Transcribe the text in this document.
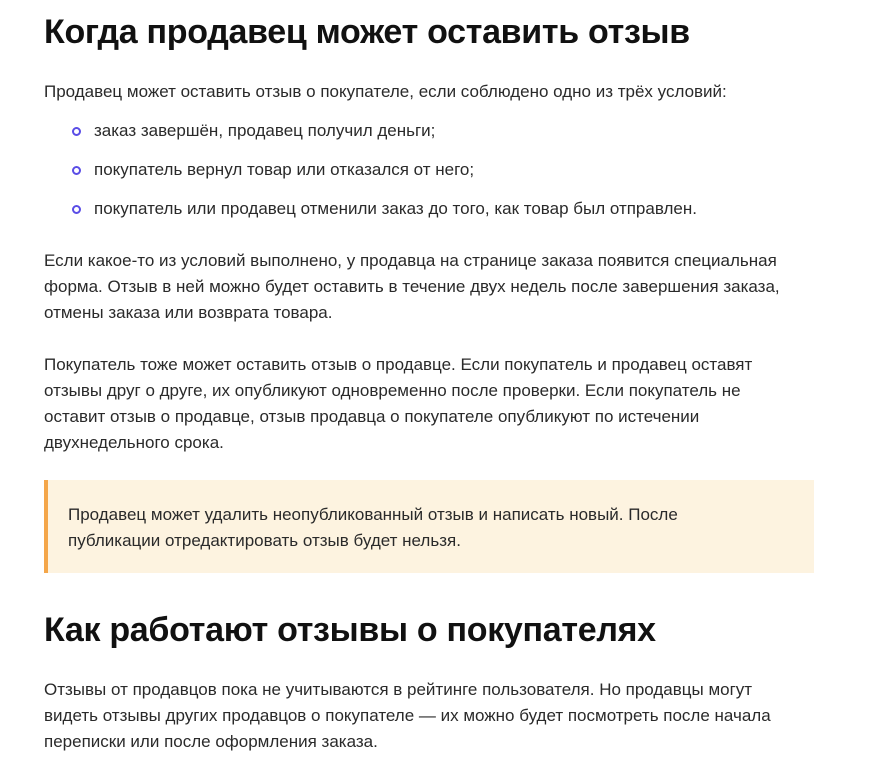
Когда продавец может оставить отзыв

Продавец может оставить отзыв о покупателе, если соблюдено одно из трёх условий:

заказ завершён, продавец получил деньги;
покупатель вернул товар или отказался от него;
покупатель или продавец отменили заказ до того, как товар был отправлен.

Если какое-то из условий выполнено, у продавца на странице заказа появится специальная форма. Отзыв в ней можно будет оставить в течение двух недель после завершения заказа, отмены заказа или возврата товара.

Покупатель тоже может оставить отзыв о продавце. Если покупатель и продавец оставят отзывы друг о друге, их опубликуют одновременно после проверки. Если покупатель не оставит отзыв о продавце, отзыв продавца о покупателе опубликуют по истечении двухнедельного срока.

Продавец может удалить неопубликованный отзыв и написать новый. После публикации отредактировать отзыв будет нельзя.

Как работают отзывы о покупателях

Отзывы от продавцов пока не учитываются в рейтинге пользователя. Но продавцы могут видеть отзывы других продавцов о покупателе — их можно будет посмотреть после начала переписки или после оформления заказа.
